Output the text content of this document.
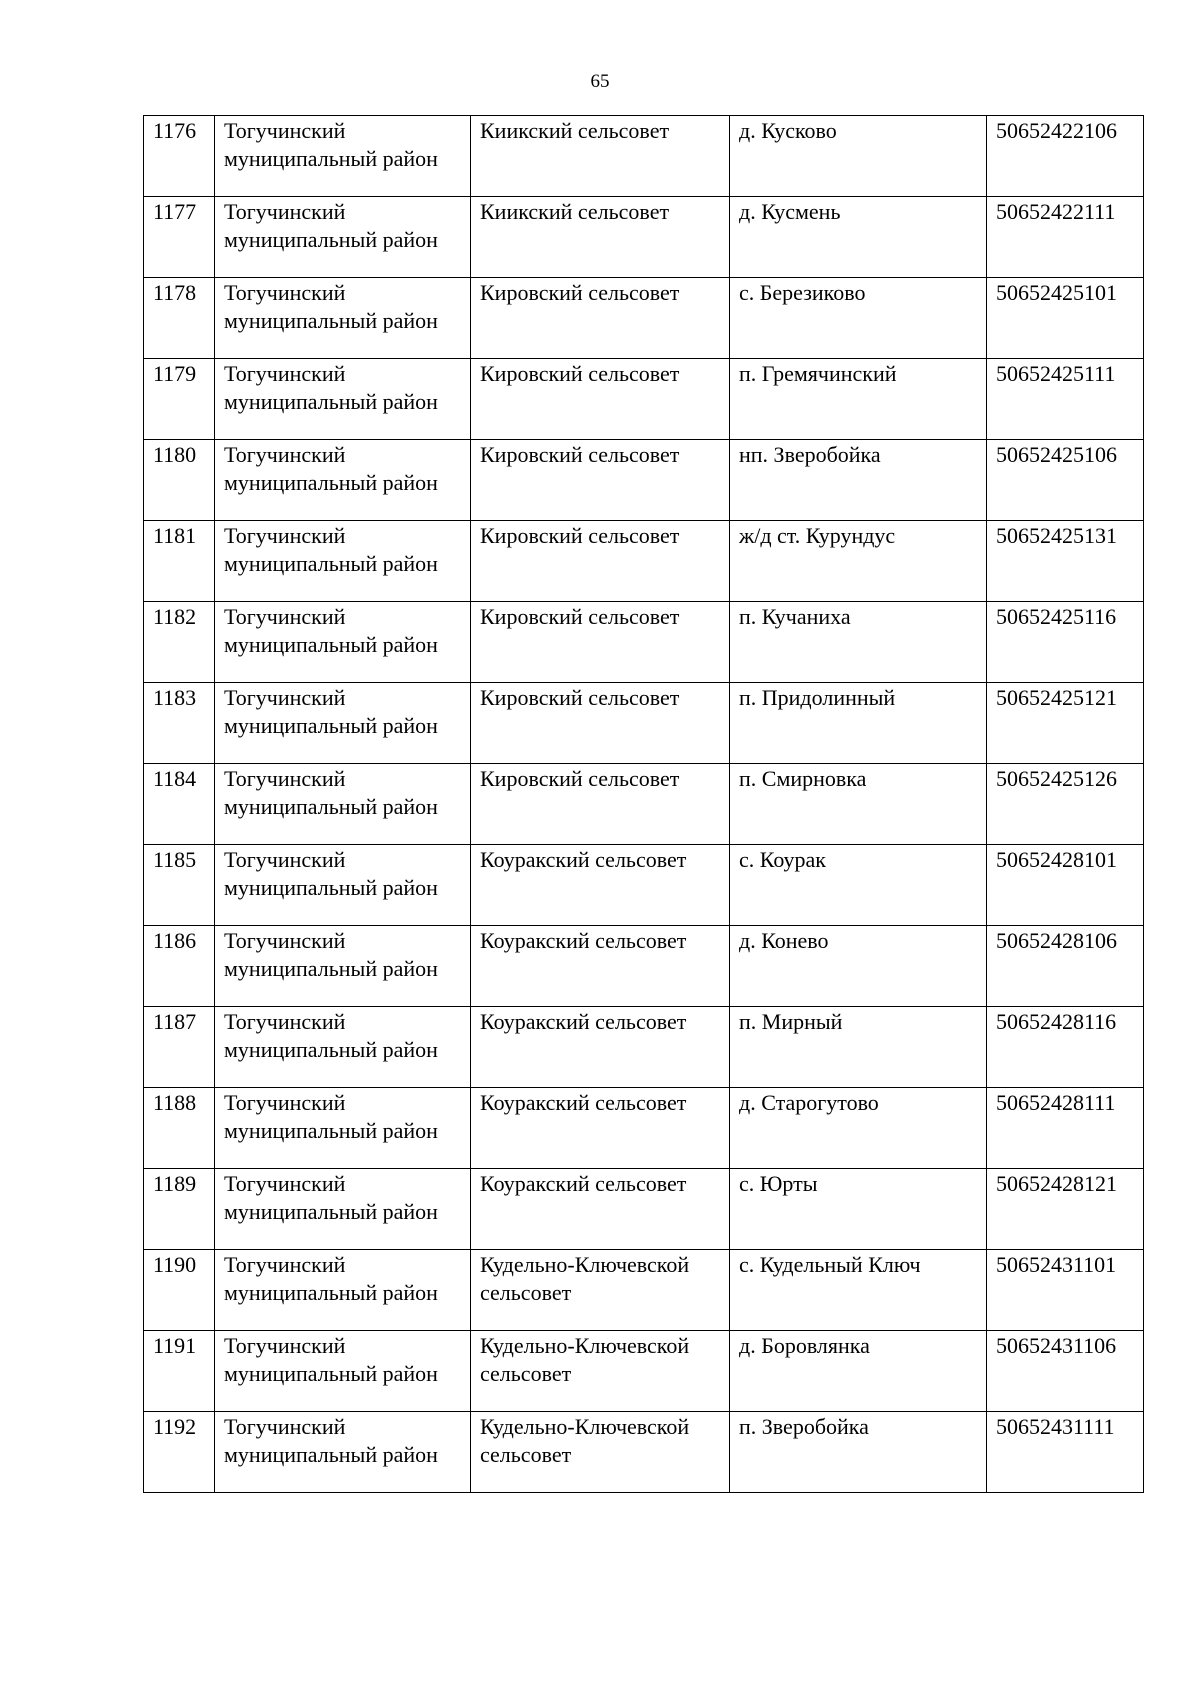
65
1176	Тогучинский муниципальный район	Киикский сельсовет	д. Кусково	50652422106
1177	Тогучинский муниципальный район	Киикский сельсовет	д. Кусмень	50652422111
1178	Тогучинский муниципальный район	Кировский сельсовет	с. Березиково	50652425101
1179	Тогучинский муниципальный район	Кировский сельсовет	п. Гремячинский	50652425111
1180	Тогучинский муниципальный район	Кировский сельсовет	нп. Зверобойка	50652425106
1181	Тогучинский муниципальный район	Кировский сельсовет	ж/д ст. Курундус	50652425131
1182	Тогучинский муниципальный район	Кировский сельсовет	п. Кучаниха	50652425116
1183	Тогучинский муниципальный район	Кировский сельсовет	п. Придолинный	50652425121
1184	Тогучинский муниципальный район	Кировский сельсовет	п. Смирновка	50652425126
1185	Тогучинский муниципальный район	Коуракский сельсовет	с. Коурак	50652428101
1186	Тогучинский муниципальный район	Коуракский сельсовет	д. Конево	50652428106
1187	Тогучинский муниципальный район	Коуракский сельсовет	п. Мирный	50652428116
1188	Тогучинский муниципальный район	Коуракский сельсовет	д. Старогутово	50652428111
1189	Тогучинский муниципальный район	Коуракский сельсовет	с. Юрты	50652428121
1190	Тогучинский муниципальный район	Кудельно-Ключевской сельсовет	с. Кудельный Ключ	50652431101
1191	Тогучинский муниципальный район	Кудельно-Ключевской сельсовет	д. Боровлянка	50652431106
1192	Тогучинский муниципальный район	Кудельно-Ключевской сельсовет	п. Зверобойка	50652431111
